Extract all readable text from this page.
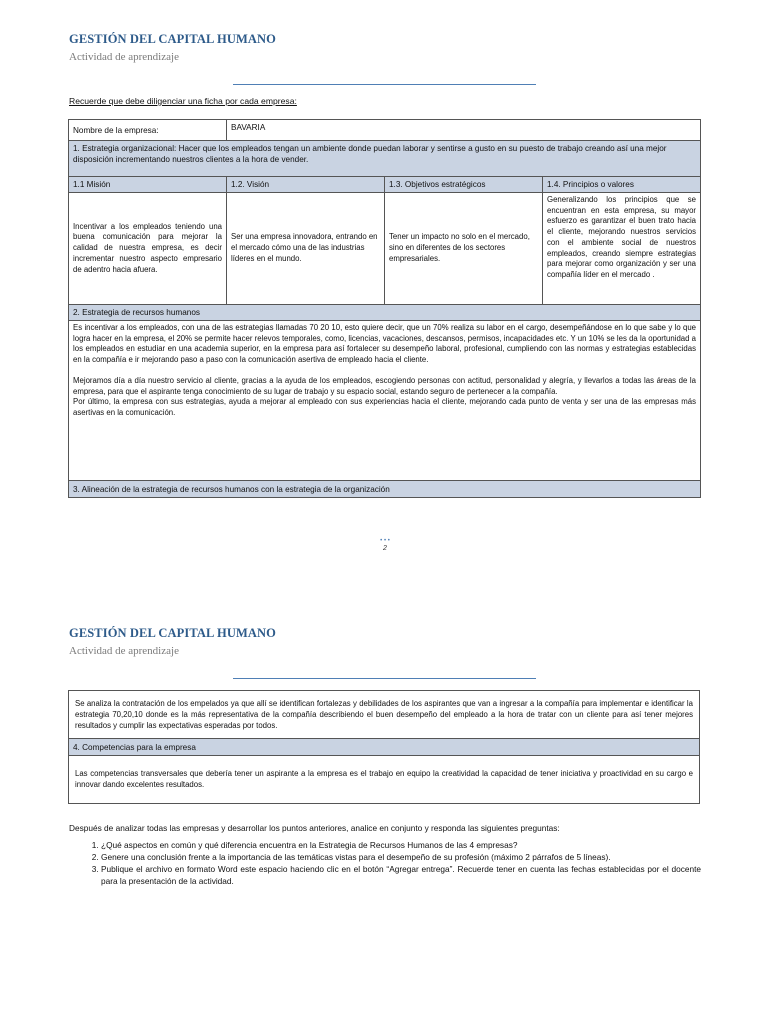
GESTIÓN DEL CAPITAL HUMANO
Actividad de aprendizaje
Recuerde que debe diligenciar una ficha por cada empresa:
Nombre de la empresa:	BAVARIA		
1. Estrategia organizacional: Hacer que los empleados tengan un ambiente donde puedan laborar y sentirse a gusto en su puesto de trabajo creando así una mejor disposición incrementando nuestros clientes a la hora de vender.			
1.1 Misión	1.2. Visión	1.3. Objetivos estratégicos	1.4. Principios o valores
Incentivar a los empleados teniendo una buena comunicación para mejorar la calidad de nuestra empresa, es decir incrementar nuestro aspecto empresario de adentro hacia afuera.	Ser una empresa innovadora, entrando en el mercado cómo una de las industrias líderes en el mundo.	Tener un impacto no solo en el mercado, sino en diferentes de los sectores empresariales.	Generalizando los principios que se encuentran en esta empresa, su mayor esfuerzo es garantizar el buen trato hacia el cliente, mejorando nuestros servicios con el ambiente social de nuestros empleados, creando siempre estrategias para mejorar como organización y ser una compañía líder en el mercado .
2. Estrategia de recursos humanos			

Es incentivar a los empleados, con una de las estrategias llamadas 70 20 10, esto quiere decir, que un 70% realiza su labor en el cargo, desempeñándose en lo que sabe y lo que logra hacer en la empresa, el 20% se permite hacer relevos temporales, como, licencias, vacaciones, descansos, permisos, incapacidades etc. Y un 10% se les da la oportunidad a los empleados en estudiar en una academia superior, en la empresa para así fortalecer su desempeño laboral, profesional, cumpliendo con las normas y estrategias establecidas en la compañía e ir mejorando paso a paso con la comunicación asertiva de empleado hacia el cliente.
Mejoramos día a día nuestro servicio al cliente, gracias a la ayuda de los empleados, escogiendo personas con actitud, personalidad y alegría, y llevarlos a todas las áreas de la empresa, para que el aspirante tenga conocimiento de su lugar de trabajo y su espacio social, estando seguro de pertenecer a la compañía.
Por último, la empresa con sus estrategias, ayuda a mejorar al empleado con sus experiencias hacia el cliente, mejorando cada punto de venta y ser una de las empresas más asertivas en la comunicación.			

3. Alineación de la estrategia de recursos humanos con la estrategia de la organización			
• • •
2
GESTIÓN DEL CAPITAL HUMANO
Actividad de aprendizaje
Se analiza la contratación de los empelados ya que allí se identifican fortalezas y debilidades de los aspirantes que van a ingresar a la compañía para implementar e identificar la estrategia 70,20,10 donde es la más representativa de la compañía describiendo el buen desempeño del empleado a la hora de tratar con un cliente para así tener mejores resultados y cumplir las expectativas esperadas por todos.
4. Competencias para la empresa
Las competencias transversales que debería tener un aspirante a la empresa es el trabajo en equipo la creatividad la capacidad de tener iniciativa y proactividad en su cargo e innovar dando excelentes resultados.
Después de analizar todas las empresas y desarrollar los puntos anteriores, analice en conjunto y responda las siguientes preguntas:
1. ¿Qué aspectos en común y qué diferencia encuentra en la Estrategia de Recursos Humanos de las 4 empresas?
2. Genere una conclusión frente a la importancia de las temáticas vistas para el desempeño de su profesión (máximo 2 párrafos de 5 líneas).
3. Publique el archivo en formato Word este espacio haciendo clic en el botón “Agregar entrega”. Recuerde tener en cuenta las fechas establecidas por el docente para la presentación de la actividad.
